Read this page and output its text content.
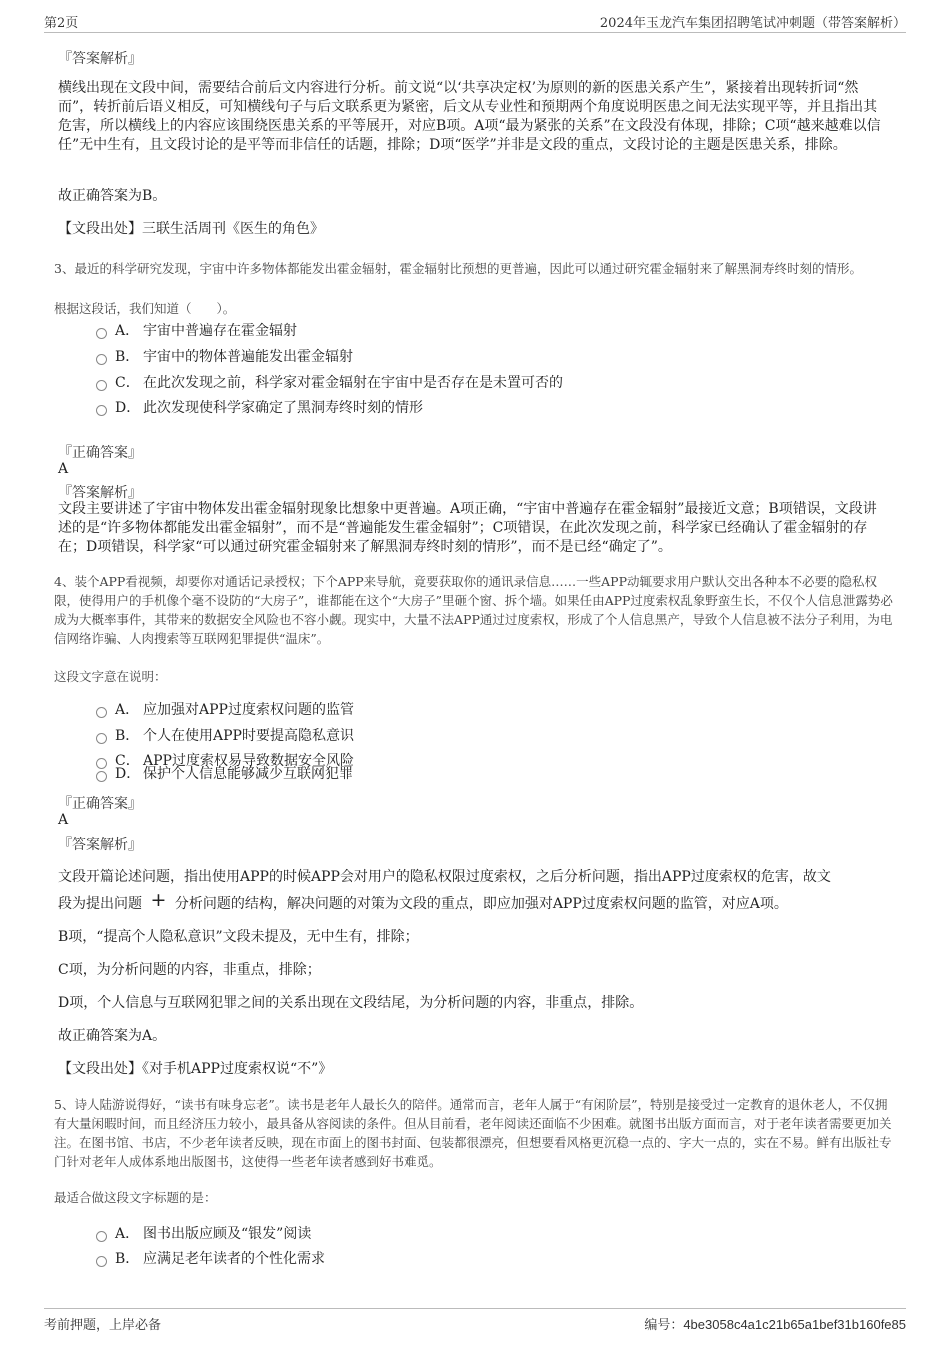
第2页	2024年玉龙汽车集团招聘笔试冲刺题（带答案解析）
『答案解析』
横线出现在文段中间，需要结合前后文内容进行分析。前文说“以‘共享决定权’为原则的新的医患关系产生”，紧接着出现转折词“然而”，转折前后语义相反，可知横线句子与后文联系更为紧密，后文从专业性和预期两个角度说明医患之间无法实现平等，并且指出其危害，所以横线上的内容应该围绕医患关系的平等展开，对应B项。A项“最为紧张的关系”在文段没有体现，排除；C项“越来越难以信任”无中生有，且文段讨论的是平等而非信任的话题，排除；D项“医学”并非是文段的重点，文段讨论的主题是医患关系，排除。
故正确答案为B。
【文段出处】三联生活周刊《医生的角色》
3、最近的科学研究发现，宇宙中许多物体都能发出霍金辐射，霍金辐射比预想的更普遍，因此可以通过研究霍金辐射来了解黑洞寿终时刻的情形。
根据这段话，我们知道（　　）。
A． 宇宙中普遍存在霍金辐射
B． 宇宙中的物体普遍能发出霍金辐射
C． 在此次发现之前，科学家对霍金辐射在宇宙中是否存在是未置可否的
D． 此次发现使科学家确定了黑洞寿终时刻的情形
『正确答案』
A
『答案解析』
文段主要讲述了宇宙中物体发出霍金辐射现象比想象中更普遍。A项正确，“宇宙中普遍存在霍金辐射”最接近文意；B项错误，文段讲述的是“许多物体都能发出霍金辐射”，而不是“普遍能发生霍金辐射”；C项错误，在此次发现之前，科学家已经确认了霍金辐射的存在；D项错误，科学家“可以通过研究霍金辐射来了解黑洞寿终时刻的情形”，而不是已经“确定了”。
4、装个APP看视频，却要你对通话记录授权；下个APP来导航，竟要获取你的通讯录信息……一些APP动辄要求用户默认交出各种本不必要的隐私权限，使得用户的手机像个毫不设防的“大房子”，谁都能在这个“大房子”里砸个窗、拆个墙。如果任由APP过度索权乱象野蛮生长，不仅个人信息泄露势必成为大概率事件，其带来的数据安全风险也不容小觑。现实中，大量不法APP通过过度索权，形成了个人信息黑产，导致个人信息被不法分子利用，为电信网络诈骗、人肉搜索等互联网犯罪提供“温床”。
这段文字意在说明：
A． 应加强对APP过度索权问题的监管
B． 个人在使用APP时要提高隐私意识
C． APP过度索权易导致数据安全风险
D． 保护个人信息能够减少互联网犯罪
『正确答案』
A
『答案解析』
文段开篇论述问题，指出使用APP的时候APP会对用户的隐私权限过度索权，之后分析问题，指出APP过度索权的危害，故文
段为提出问题 + 分析问题的结构，解决问题的对策为文段的重点，即应加强对APP过度索权问题的监管，对应A项。
B项，“提高个人隐私意识”文段未提及，无中生有，排除；
C项，为分析问题的内容，非重点，排除；
D项，个人信息与互联网犯罪之间的关系出现在文段结尾，为分析问题的内容，非重点，排除。
故正确答案为A。
【文段出处】《对手机APP过度索权说“不”》
5、诗人陆游说得好，“读书有味身忘老”。读书是老年人最长久的陪伴。通常而言，老年人属于“有闲阶层”，特别是接受过一定教育的退休老人，不仅拥有大量闲暇时间，而且经济压力较小，最具备从容阅读的条件。但从目前看，老年阅读还面临不少困难。就图书出版方面而言，对于老年读者需要更加关注。在图书馆、书店，不少老年读者反映，现在市面上的图书封面、包装都很漂亮，但想要看风格更沉稳一点的、字大一点的，实在不易。鲜有出版社专门针对老年人成体系地出版图书，这使得一些老年读者感到好书难觅。
最适合做这段文字标题的是：
A． 图书出版应顾及“银发”阅读
B． 应满足老年读者的个性化需求
考前押题，上岸必备	编号：4be3058c4a1c21b65a1bef31b160fe85
